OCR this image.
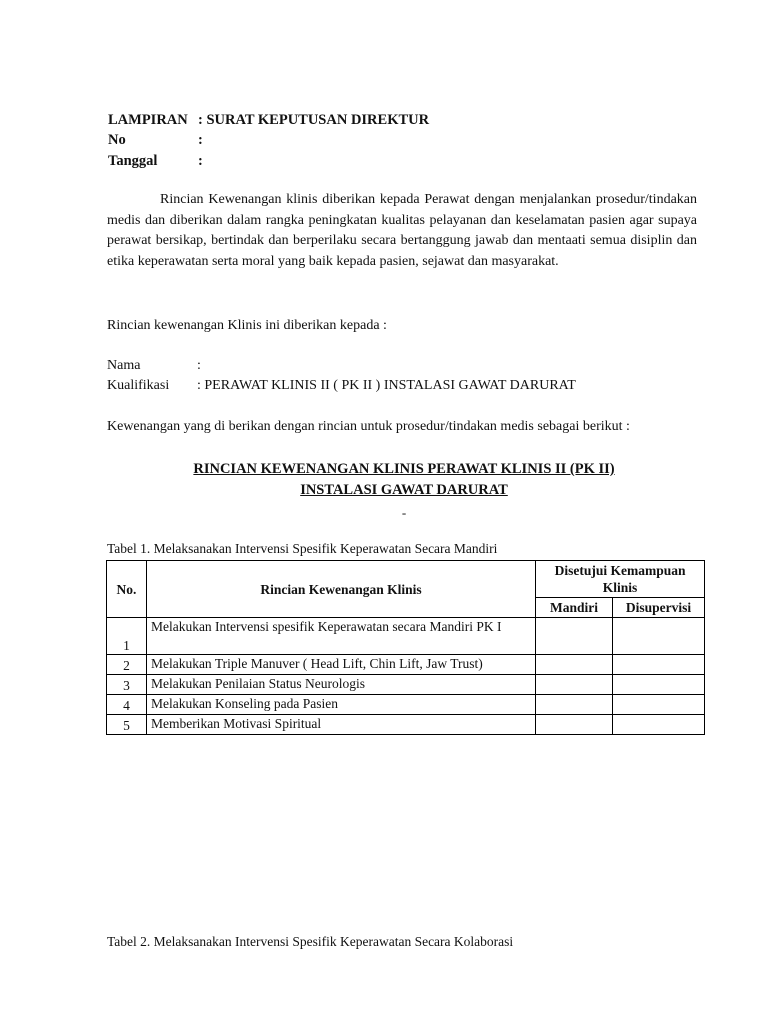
LAMPIRAN : SURAT KEPUTUSAN DIREKTUR
No	:
Tanggal	:

Rincian Kewenangan klinis diberikan kepada Perawat dengan menjalankan prosedur/tindakan medis dan diberikan dalam rangka peningkatan kualitas pelayanan dan keselamatan pasien agar supaya perawat bersikap, bertindak dan berperilaku secara bertanggung jawab dan mentaati semua disiplin dan etika keperawatan serta moral yang baik kepada pasien, sejawat dan masyarakat.

Rincian kewenangan Klinis ini diberikan kepada :
Nama	:
Kualifikasi : PERAWAT KLINIS II ( PK II ) INSTALASI GAWAT DARURAT
Kewenangan yang di berikan dengan rincian untuk prosedur/tindakan medis sebagai berikut :
RINCIAN KEWENANGAN KLINIS PERAWAT KLINIS II (PK II)
INSTALASI GAWAT DARURAT
-
Tabel 1. Melaksanakan Intervensi Spesifik Keperawatan Secara Mandiri
No.	Rincian Kewenangan Klinis	Disetujui Kemampuan Klinis	
		Mandiri	Disupervisi
1	Melakukan Intervensi spesifik Keperawatan secara Mandiri PK I		
2	Melakukan Triple Manuver ( Head Lift, Chin Lift, Jaw Trust)		
3	Melakukan Penilaian Status Neurologis		
4	Melakukan Konseling pada Pasien		
5	Memberikan Motivasi Spiritual		
Tabel 2. Melaksanakan Intervensi Spesifik Keperawatan Secara Kolaborasi
